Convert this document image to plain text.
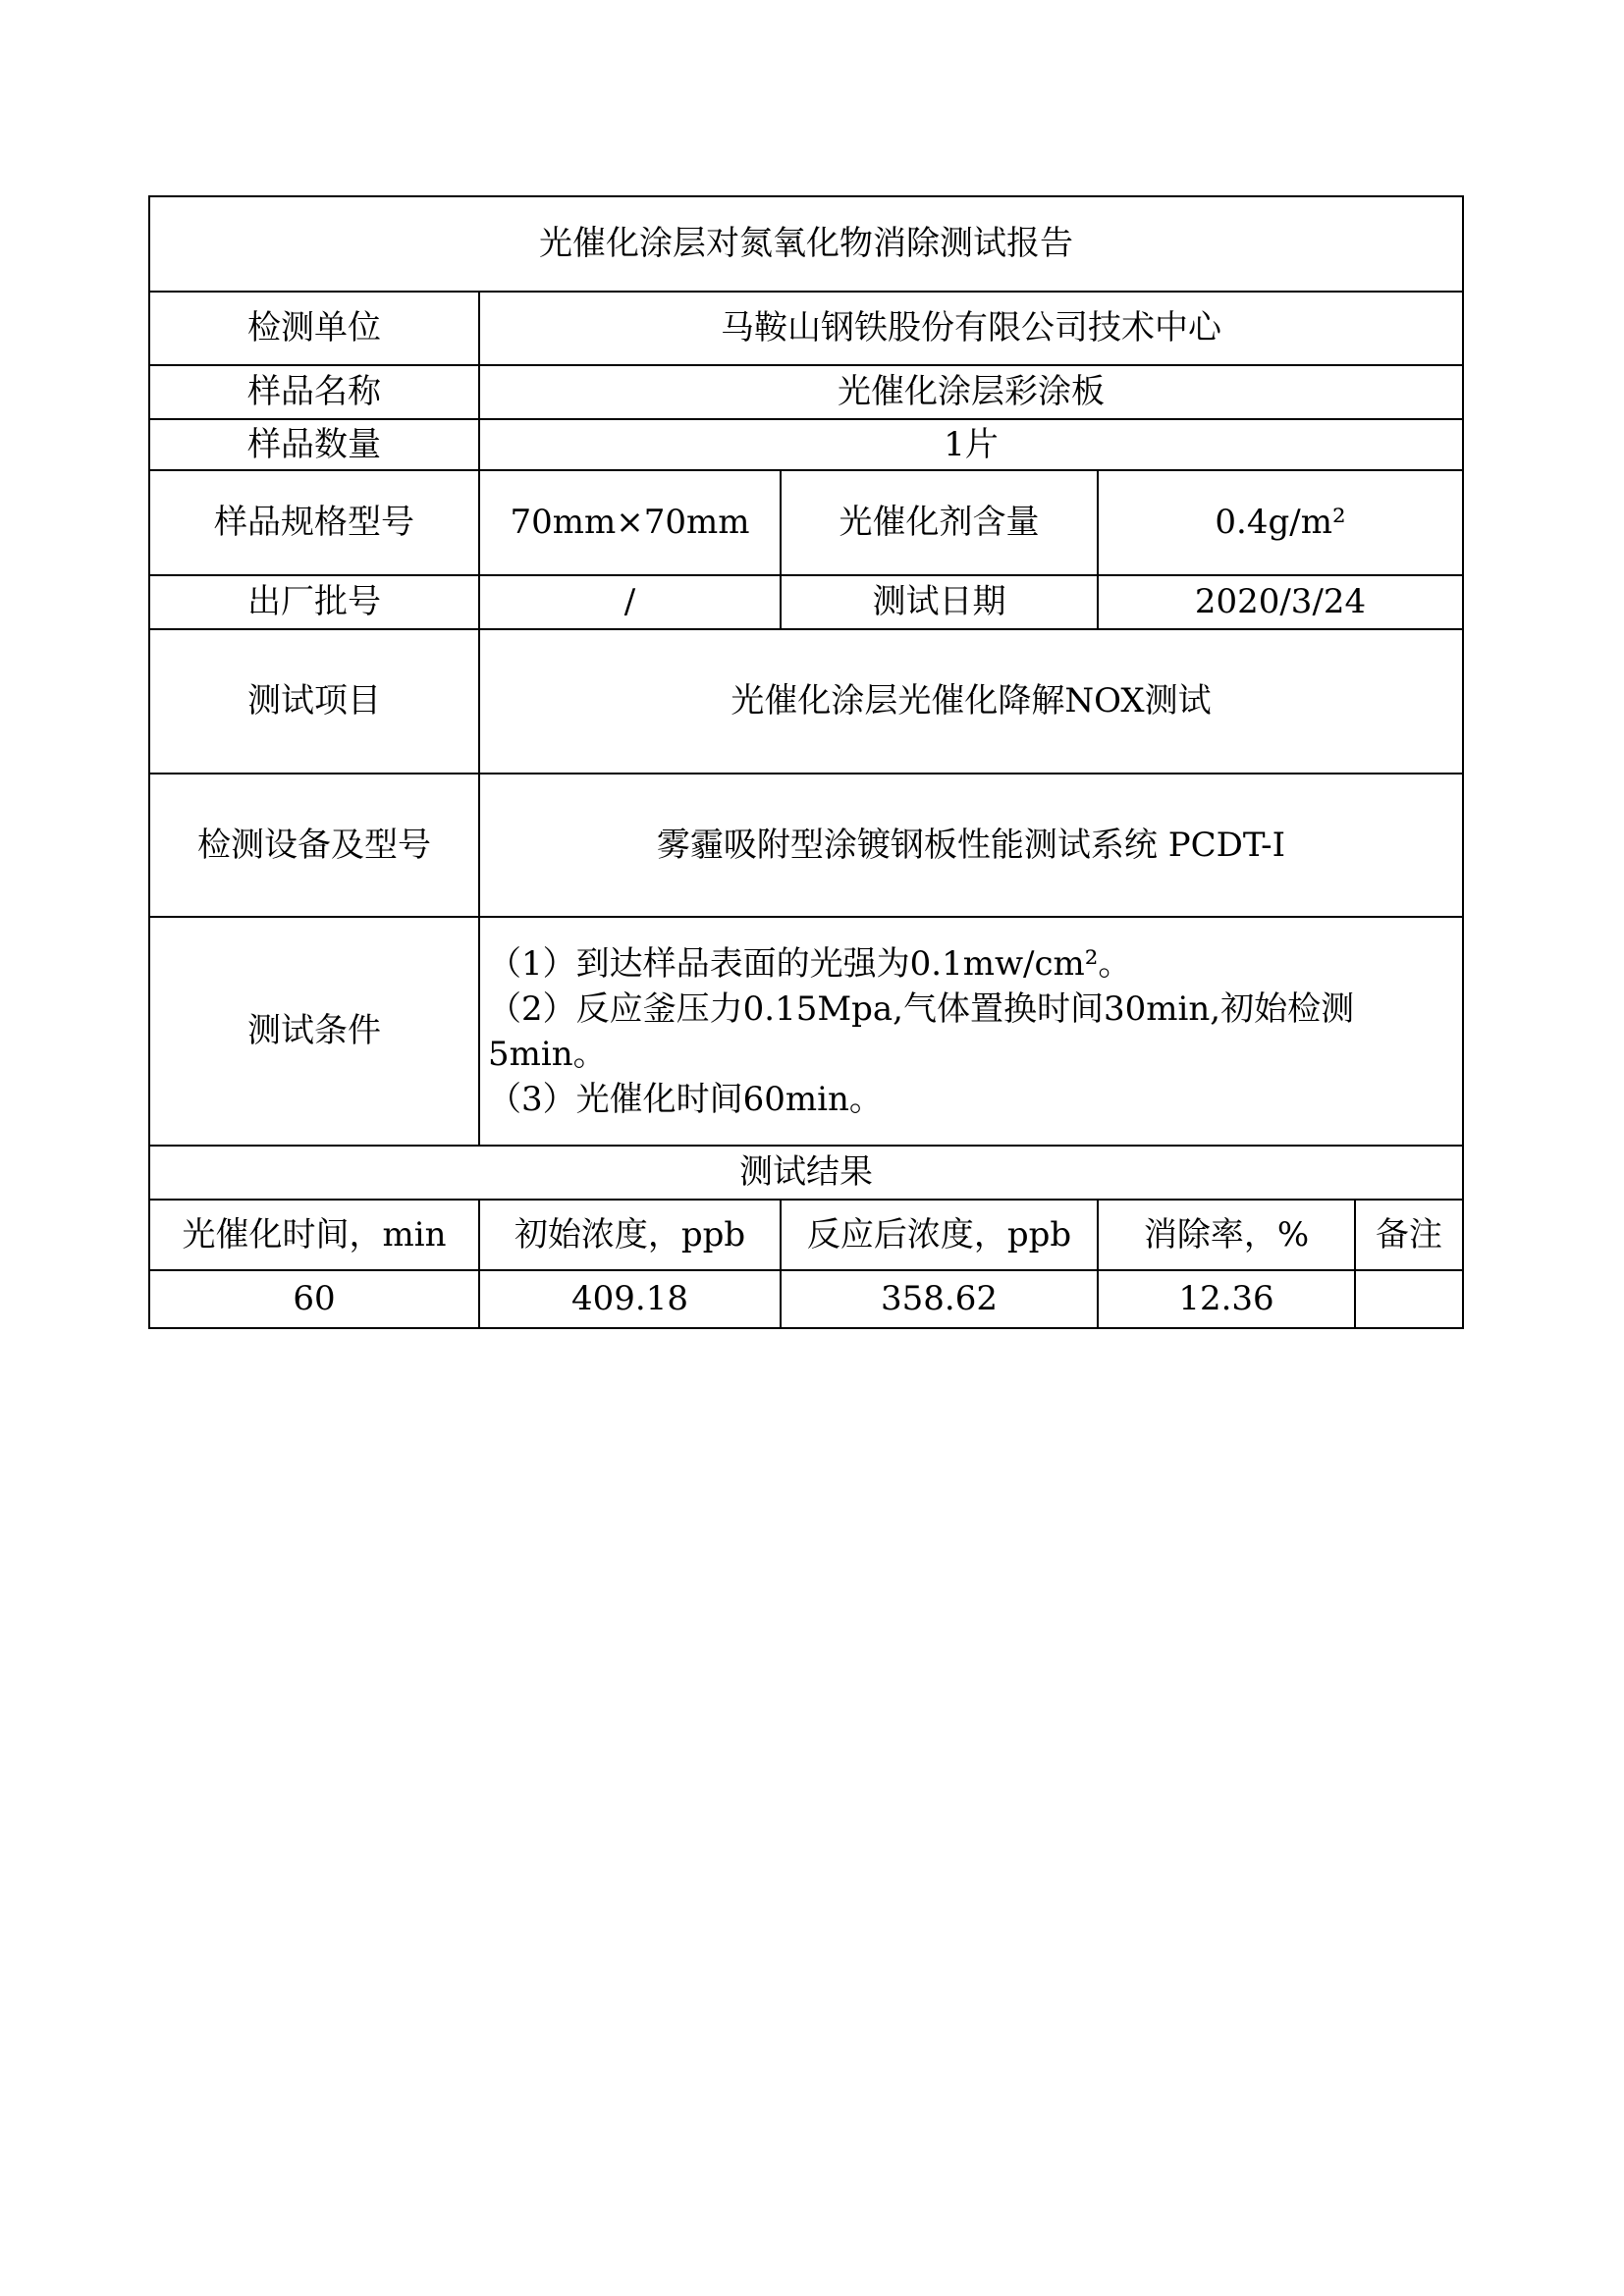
光催化涂层对氮氧化物消除测试报告				
检测单位	马鞍山钢铁股份有限公司技术中心			
样品名称	光催化涂层彩涂板			
样品数量	1片			
样品规格型号	70mm×70mm	光催化剂含量	0.4g/m²	
出厂批号	/	测试日期	2020/3/24	
测试项目	光催化涂层光催化降解NOX测试			
检测设备及型号	雾霾吸附型涂镀钢板性能测试系统 PCDT-I			
测试条件	（1）到达样品表面的光强为0.1mw/cm²。
（2）反应釜压力0.15Mpa,气体置换时间30min,初始检测5min。
（3）光催化时间60min。			

测试结果				
光催化时间，min	初始浓度，ppb	反应后浓度，ppb	消除率，%	备注
60	409.18	358.62	12.36	
